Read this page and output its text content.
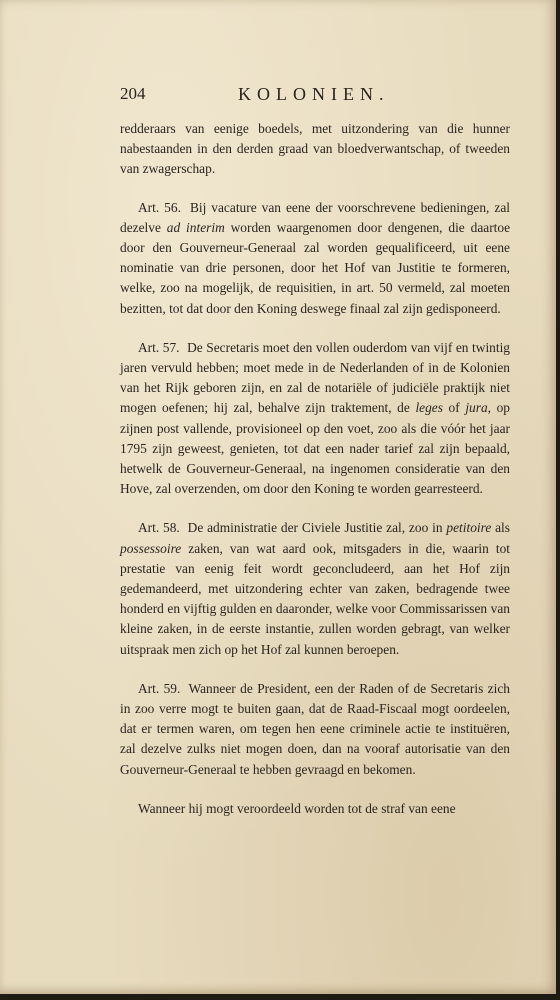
204	KOLONIEN.

redderaars van eenige boedels, met uitzondering van die hunner nabestaanden in den derden graad van bloedverwantschap, of tweeden van zwagerschap.

Art. 56. Bij vacature van eene der voorschrevene bedieningen, zal dezelve ad interim worden waargenomen door dengenen, die daartoe door den Gouverneur-Generaal zal worden gequalificeerd, uit eene nominatie van drie personen, door het Hof van Justitie te formeren, welke, zoo na mogelijk, de requisitien, in art. 50 vermeld, zal moeten bezitten, tot dat door den Koning deswege finaal zal zijn gedisponeerd.

Art. 57. De Secretaris moet den vollen ouderdom van vijf en twintig jaren vervuld hebben; moet mede in de Nederlanden of in de Kolonien van het Rijk geboren zijn, en zal de notariële of judiciële praktijk niet mogen oefenen; hij zal, behalve zijn traktement, de leges of jura, op zijnen post vallende, provisioneel op den voet, zoo als die vóór het jaar 1795 zijn geweest, genieten, tot dat een nader tarief zal zijn bepaald, hetwelk de Gouverneur-Generaal, na ingenomen consideratie van den Hove, zal overzenden, om door den Koning te worden gearresteerd.

Art. 58. De administratie der Civiele Justitie zal, zoo in petitoire als possessoire zaken, van wat aard ook, mitsgaders in die, waarin tot prestatie van eenig feit wordt geconcludeerd, aan het Hof zijn gedemandeerd, met uitzondering echter van zaken, bedragende twee honderd en vijftig gulden en daaronder, welke voor Commissarissen van kleine zaken, in de eerste instantie, zullen worden gebragt, van welker uitspraak men zich op het Hof zal kunnen beroepen.

Art. 59. Wanneer de President, een der Raden of de Secretaris zich in zoo verre mogt te buiten gaan, dat de Raad-Fiscaal mogt oordeelen, dat er termen waren, om tegen hen eene criminele actie te instituëren, zal dezelve zulks niet mogen doen, dan na vooraf autorisatie van den Gouverneur-Generaal te hebben gevraagd en bekomen.

Wanneer hij mogt veroordeeld worden tot de straf van eene
